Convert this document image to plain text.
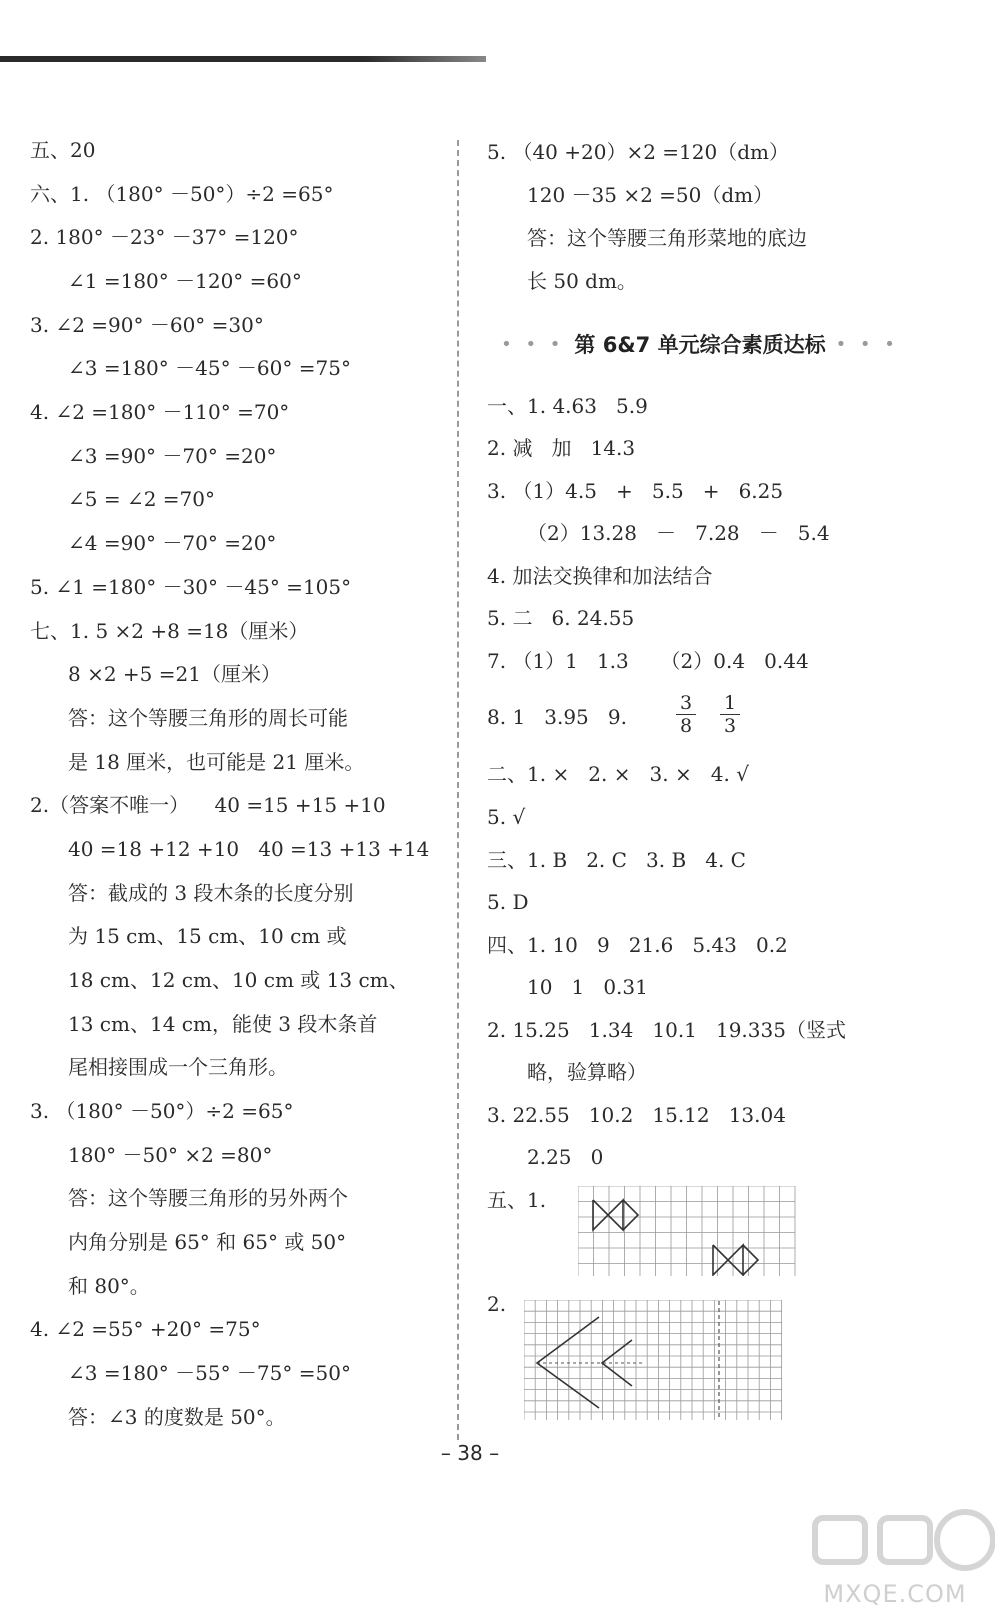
五、20
六、1. （180° －50°）÷2 =65°
2. 180° －23° －37° =120°
∠1 =180° －120° =60°
3. ∠2 =90° －60° =30°
∠3 =180° －45° －60° =75°
4. ∠2 =180° －110° =70°
∠3 =90° －70° =20°
∠5 = ∠2 =70°
∠4 =90° －70° =20°
5. ∠1 =180° －30° －45° =105°
七、1. 5 ×2 +8 =18（厘米）
8 ×2 +5 =21（厘米）
答：这个等腰三角形的周长可能
是 18 厘米，也可能是 21 厘米。
2.（答案不唯一）    40 =15 +15 +10
40 =18 +12 +10   40 =13 +13 +14
答：截成的 3 段木条的长度分别
为 15 cm、15 cm、10 cm 或
18 cm、12 cm、10 cm 或 13 cm、
13 cm、14 cm，能使 3 段木条首
尾相接围成一个三角形。
3. （180° －50°）÷2 =65°
180° －50° ×2 =80°
答：这个等腰三角形的另外两个
内角分别是 65° 和 65° 或 50°
和 80°。
4. ∠2 =55° +20° =75°
∠3 =180° －55° －75° =50°
答：∠3 的度数是 50°。
5. （40 +20）×2 =120（dm）
120 －35 ×2 =50（dm）
答：这个等腰三角形菜地的底边
长 50 dm。
• • • 第 6&7 单元综合素质达标 • • •
一、1. 4.63   5.9
2. 减   加   14.3
3. （1）4.5   +   5.5   +   6.25
（2）13.28   －   7.28   －   5.4
4. 加法交换律和加法结合
5. 二   6. 24.55
7. （1）1   1.3     （2）0.4   0.44
8. 1   3.95   9.	$\frac{3}{8} \frac{1}{3}$
二、1. ×   2. ×   3. ×   4. √
5. √
三、1. B   2. C   3. B   4. C
5. D
四、1. 10   9   21.6   5.43   0.2
10   1   0.31
2. 15.25   1.34   10.1   19.335（竖式
略，验算略）
3. 22.55   10.2   15.12   13.04
2.25   0
五、1.
2.
– 38 –
MXQE.COM
